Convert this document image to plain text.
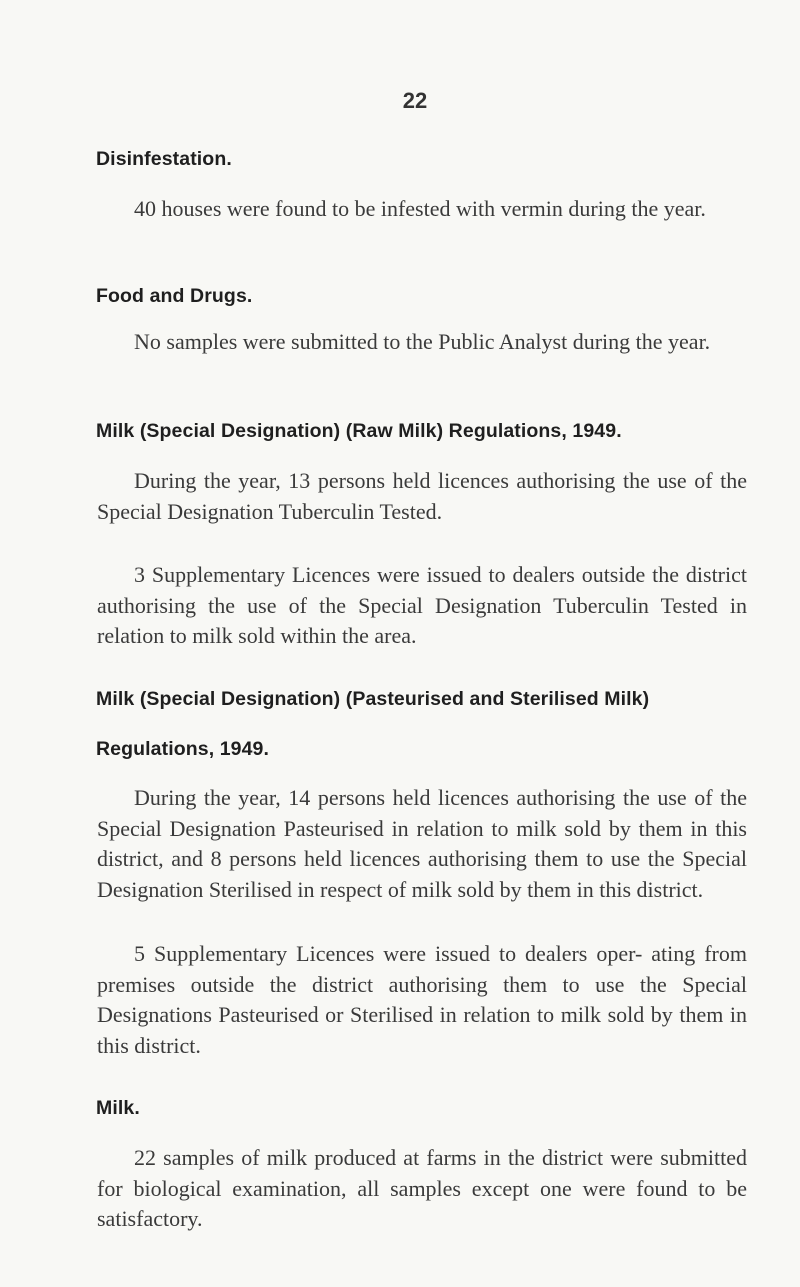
22
Disinfestation.

40 houses were found to be infested with vermin during the year.

Food and Drugs.

No samples were submitted to the Public Analyst during the year.

Milk (Special Designation) (Raw Milk) Regulations, 1949.

During the year, 13 persons held licences authorising the use of the Special Designation Tuberculin Tested.

3 Supplementary Licences were issued to dealers outside the district authorising the use of the Special Designation Tuberculin Tested in relation to milk sold within the area.

Milk (Special Designation) (Pasteurised and Sterilised Milk)
Regulations, 1949.

During the year, 14 persons held licences authorising the use of the Special Designation Pasteurised in relation to milk sold by them in this district, and 8 persons held licences authorising them to use the Special Designation Sterilised in respect of milk sold by them in this district.

5 Supplementary Licences were issued to dealers oper- ating from premises outside the district authorising them to use the Special Designations Pasteurised or Sterilised in relation to milk sold by them in this district.

Milk.

22 samples of milk produced at farms in the district were submitted for biological examination, all samples except one were found to be satisfactory.
